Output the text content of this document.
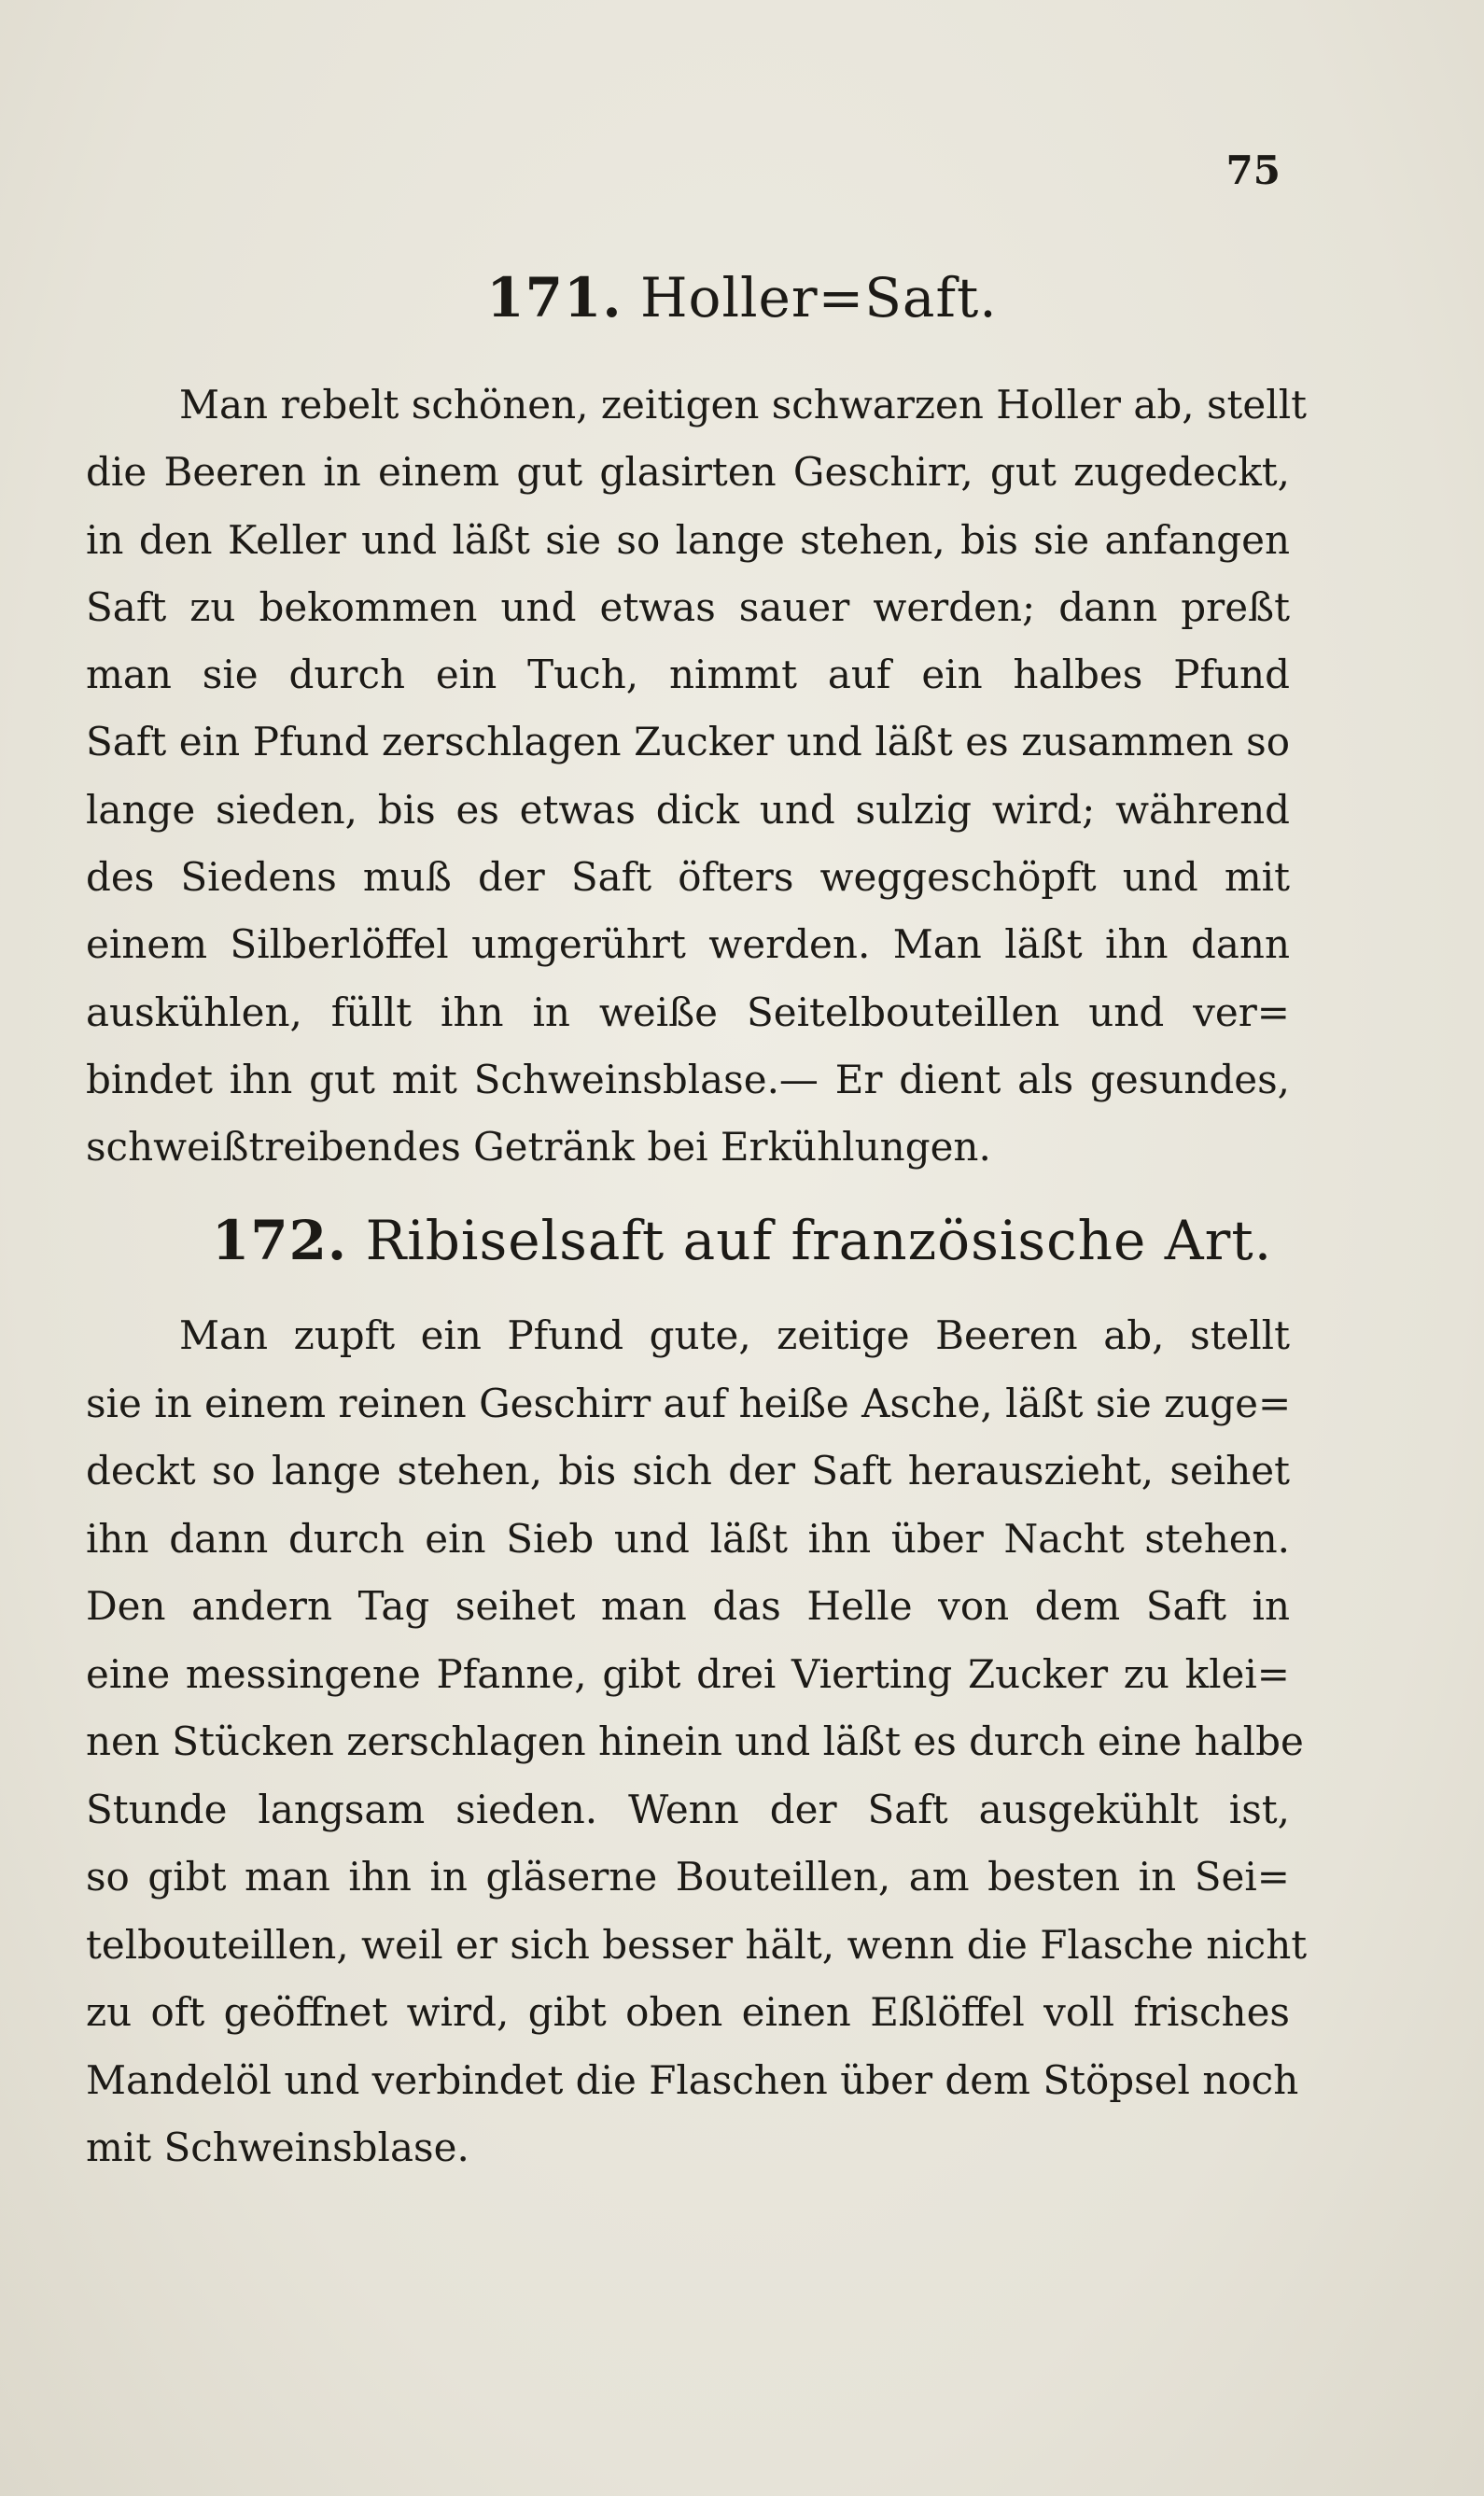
75
171. Holler=Saft.
Man rebelt schönen, zeitigen schwarzen Holler ab, stellt
die Beeren in einem gut glasirten Geschirr, gut zugedeckt,
in den Keller und läßt sie so lange stehen, bis sie anfangen
Saft zu bekommen und etwas sauer werden; dann preßt
man sie durch ein Tuch, nimmt auf ein halbes Pfund
Saft ein Pfund zerschlagen Zucker und läßt es zusammen so
lange sieden, bis es etwas dick und sulzig wird; während
des Siedens muß der Saft öfters weggeschöpft und mit
einem Silberlöffel umgerührt werden. Man läßt ihn dann
auskühlen, füllt ihn in weiße Seitelbouteillen und ver=
bindet ihn gut mit Schweinsblase.— Er dient als gesundes,
schweißtreibendes Getränk bei Erkühlungen.
172. Ribiselsaft auf französische Art.
Man zupft ein Pfund gute, zeitige Beeren ab, stellt
sie in einem reinen Geschirr auf heiße Asche, läßt sie zuge=
deckt so lange stehen, bis sich der Saft herauszieht, seihet
ihn dann durch ein Sieb und läßt ihn über Nacht stehen.
Den andern Tag seihet man das Helle von dem Saft in
eine messingene Pfanne, gibt drei Vierting Zucker zu klei=
nen Stücken zerschlagen hinein und läßt es durch eine halbe
Stunde langsam sieden. Wenn der Saft ausgekühlt ist,
so gibt man ihn in gläserne Bouteillen, am besten in Sei=
telbouteillen, weil er sich besser hält, wenn die Flasche nicht
zu oft geöffnet wird, gibt oben einen Eßlöffel voll frisches
Mandelöl und verbindet die Flaschen über dem Stöpsel noch
mit Schweinsblase.
